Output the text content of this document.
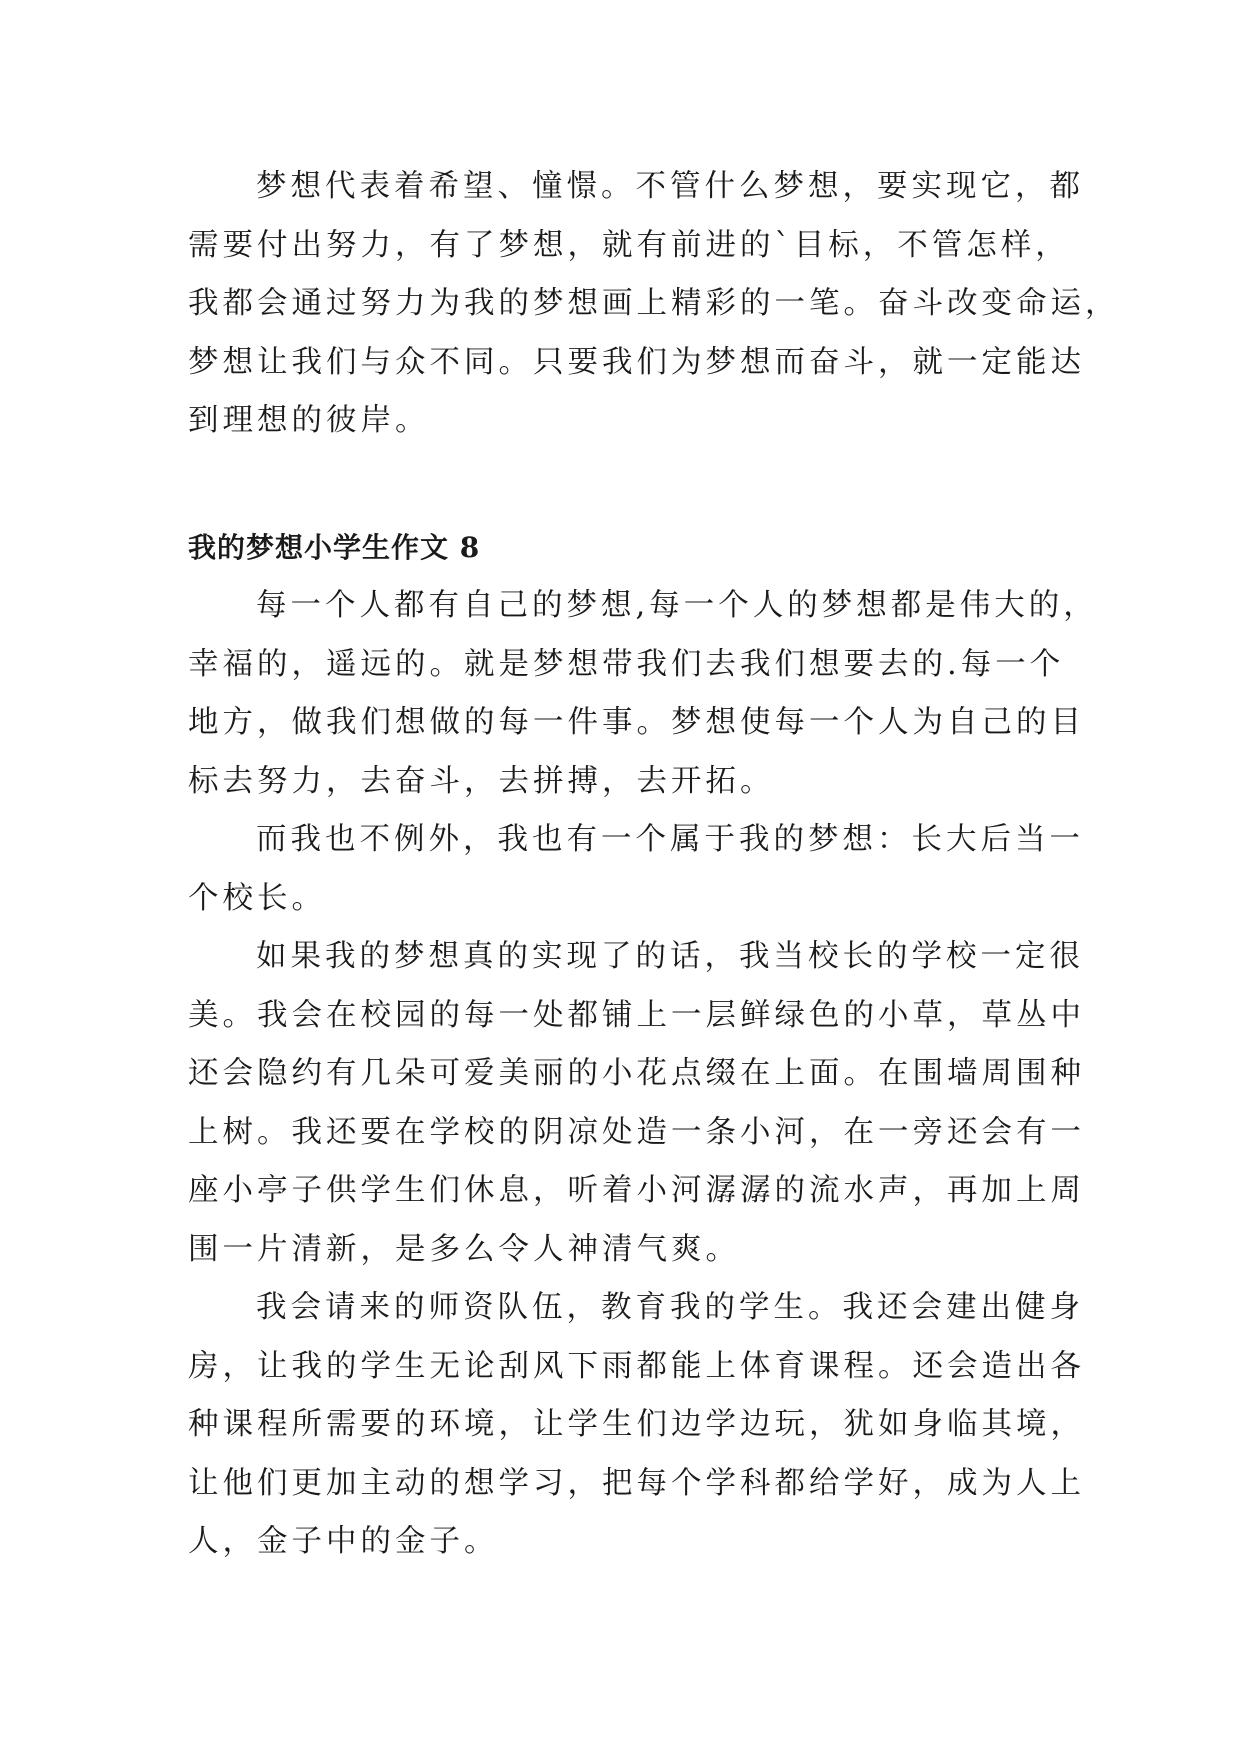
梦想代表着希望、憧憬。不管什么梦想，要实现它，都
需要付出努力，有了梦想，就有前进的`目标，不管怎样，
我都会通过努力为我的梦想画上精彩的一笔。奋斗改变命运，
梦想让我们与众不同。只要我们为梦想而奋斗，就一定能达
到理想的彼岸。

我的梦想小学生作文 8

每一个人都有自己的梦想,每一个人的梦想都是伟大的，
幸福的，遥远的。就是梦想带我们去我们想要去的.每一个
地方，做我们想做的每一件事。梦想使每一个人为自己的目
标去努力，去奋斗，去拼搏，去开拓。

而我也不例外，我也有一个属于我的梦想：长大后当一
个校长。

如果我的梦想真的实现了的话，我当校长的学校一定很
美。我会在校园的每一处都铺上一层鲜绿色的小草，草丛中
还会隐约有几朵可爱美丽的小花点缀在上面。在围墙周围种
上树。我还要在学校的阴凉处造一条小河，在一旁还会有一
座小亭子供学生们休息，听着小河潺潺的流水声，再加上周
围一片清新，是多么令人神清气爽。

我会请来的师资队伍，教育我的学生。我还会建出健身
房，让我的学生无论刮风下雨都能上体育课程。还会造出各
种课程所需要的环境，让学生们边学边玩，犹如身临其境，
让他们更加主动的想学习，把每个学科都给学好，成为人上
人，金子中的金子。
